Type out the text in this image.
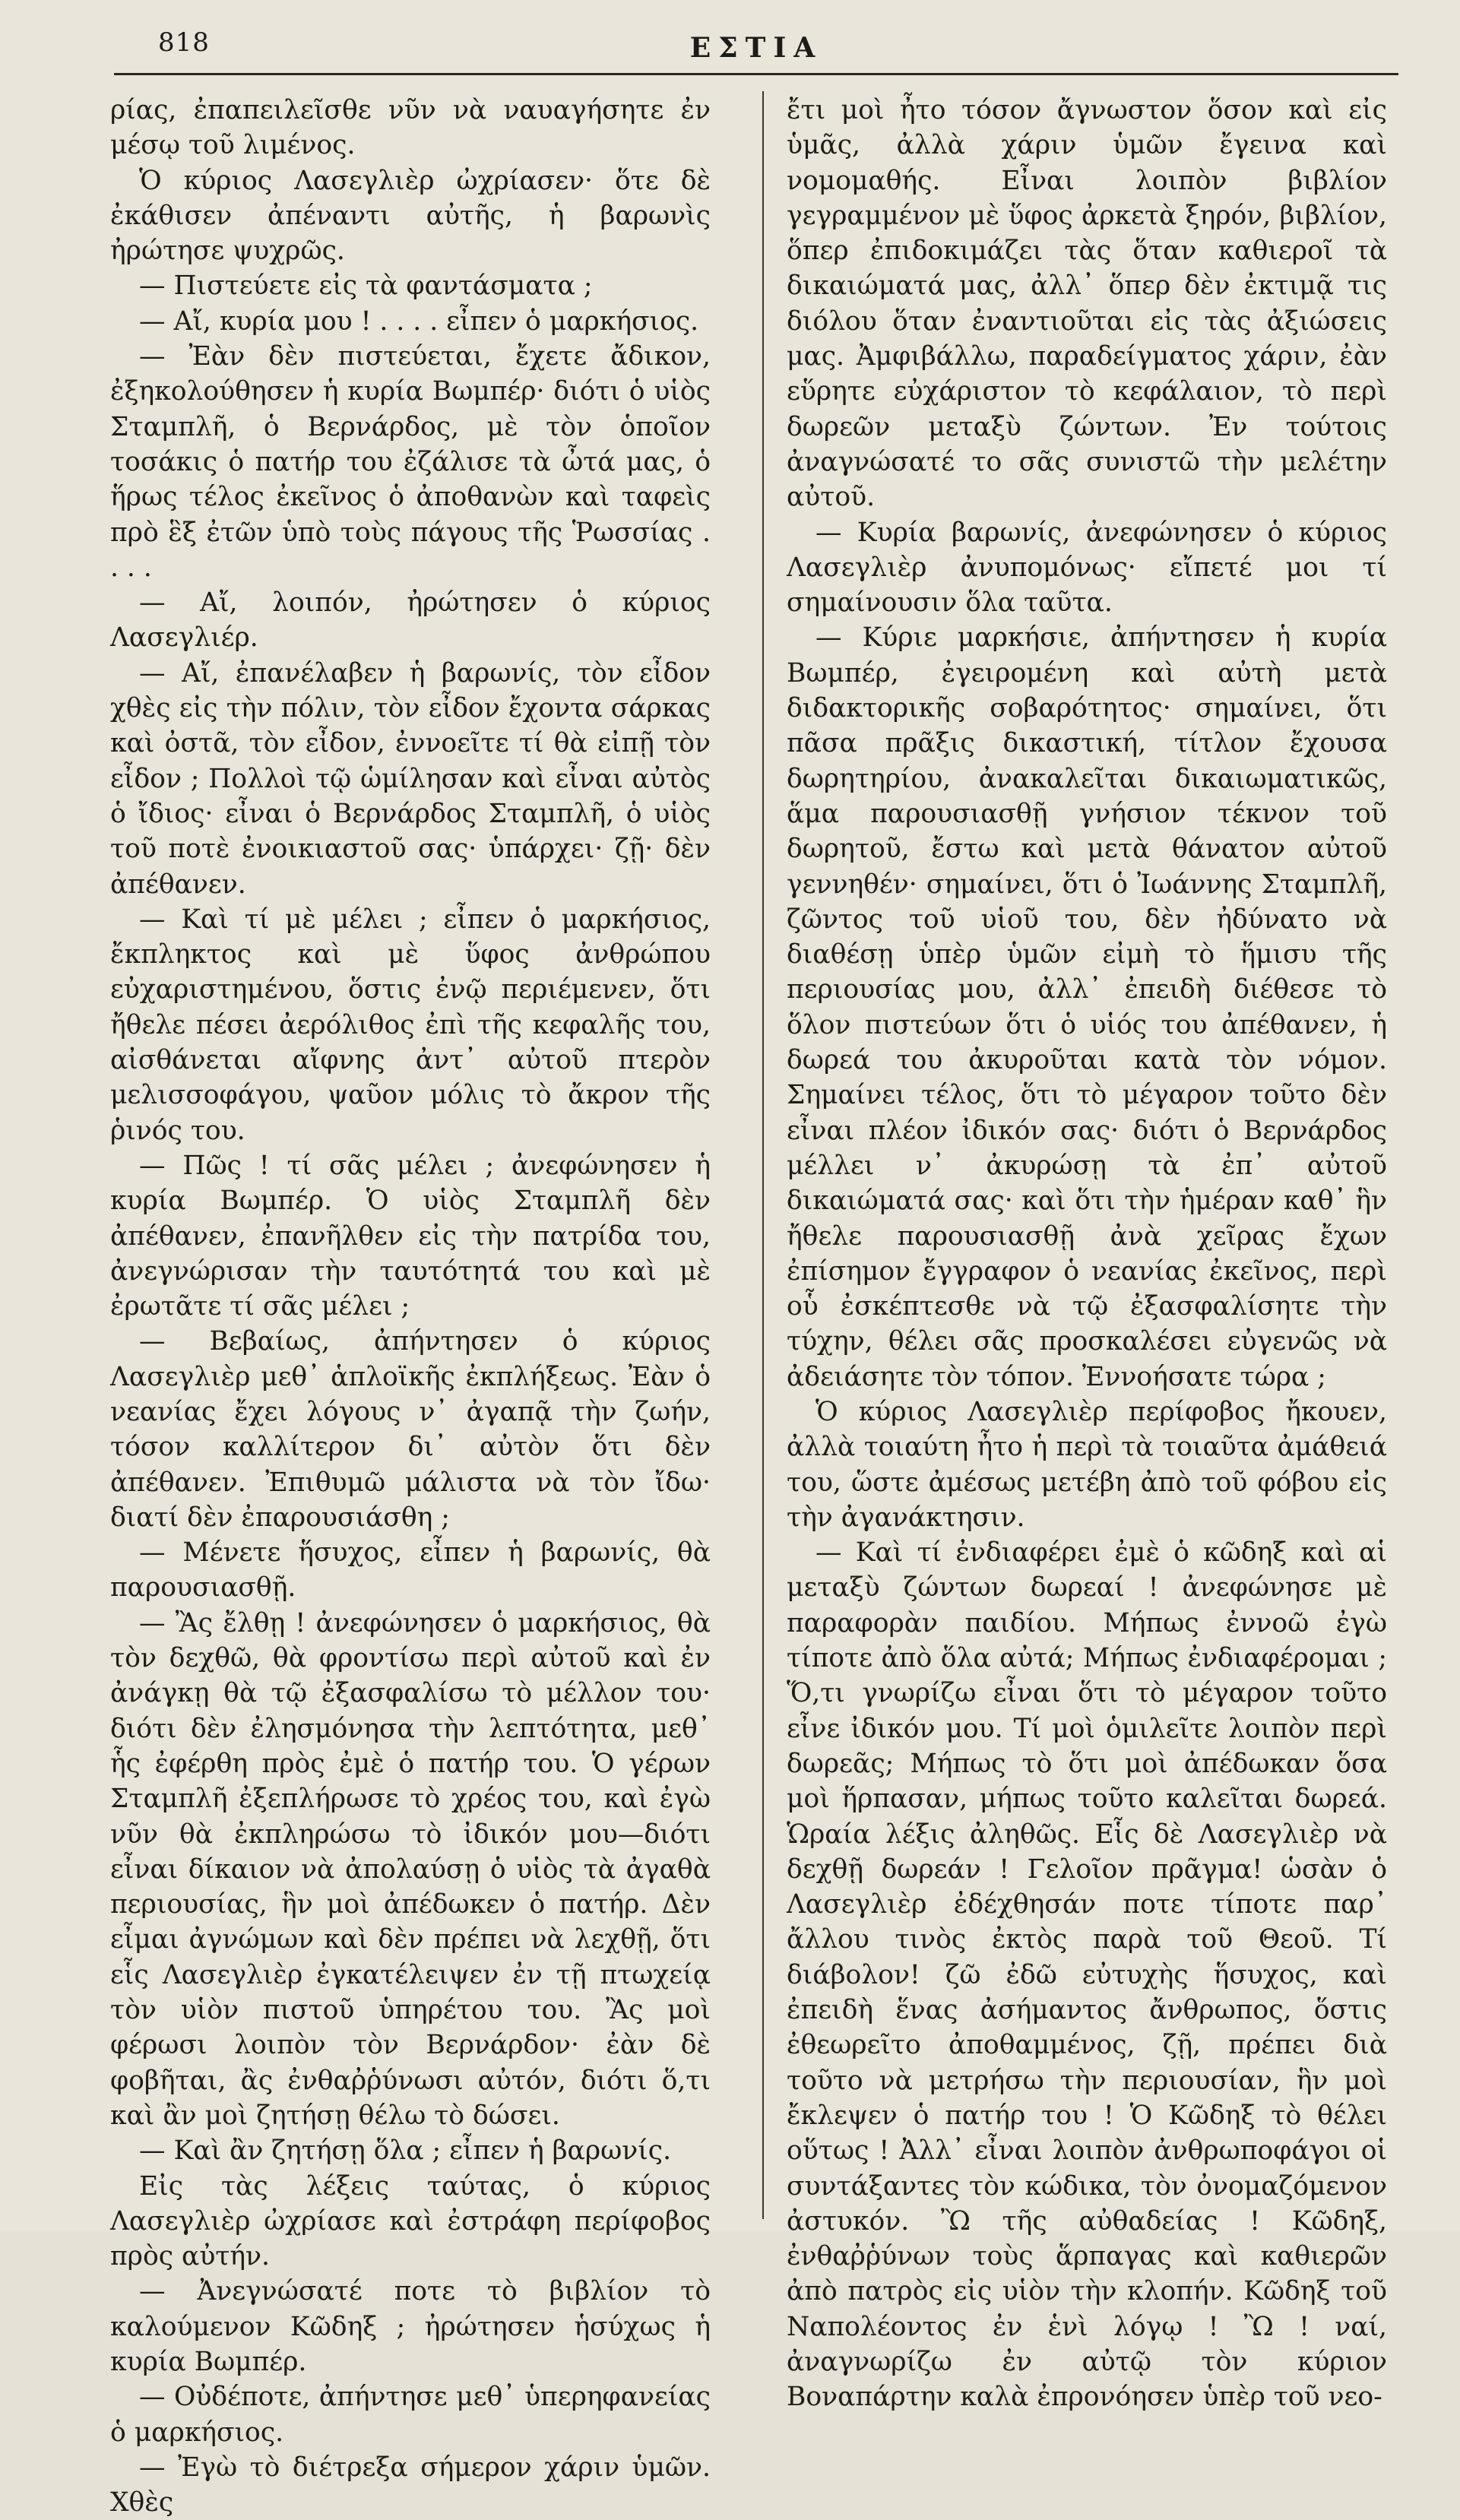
818	ΕΣΤΙΑ

ρίας, ἐπαπειλεῖσθε νῦν νὰ ναυαγήσητε ἐν μέσῳ τοῦ λιμένος.

Ὁ κύριος Λασεγλιὲρ ὠχρίασεν· ὅτε δὲ ἐκάθισεν ἀπέναντι αὐτῆς, ἡ βαρωνὶς ἠρώτησε ψυχρῶς.

— Πιστεύετε εἰς τὰ φαντάσματα ;

— Αἴ, κυρία μου ! . . . . εἶπεν ὁ μαρκήσιος.

— Ἐὰν δὲν πιστεύεται, ἔχετε ἄδικον, ἐξηκολούθησεν ἡ κυρία Βωμπέρ· διότι ὁ υἱὸς Σταμπλῆ, ὁ Βερνάρδος, μὲ τὸν ὁποῖον τοσάκις ὁ πατήρ του ἐζάλισε τὰ ὦτά μας, ὁ ἥρως τέλος ἐκεῖνος ὁ ἀποθανὼν καὶ ταφεὶς πρὸ ἓξ ἐτῶν ὑπὸ τοὺς πάγους τῆς Ῥωσσίας . . . .

— Αἴ, λοιπόν, ἠρώτησεν ὁ κύριος Λασεγλιέρ.

— Αἴ, ἐπανέλαβεν ἡ βαρωνίς, τὸν εἶδον χθὲς εἰς τὴν πόλιν, τὸν εἶδον ἔχοντα σάρκας καὶ ὀστᾶ, τὸν εἶδον, ἐννοεῖτε τί θὰ εἰπῇ τὸν εἶδον ; Πολλοὶ τῷ ὡμίλησαν καὶ εἶναι αὐτὸς ὁ ἴδιος· εἶναι ὁ Βερνάρδος Σταμπλῆ, ὁ υἱὸς τοῦ ποτὲ ἐνοικιαστοῦ σας· ὑπάρχει· ζῇ· δὲν ἀπέθανεν.

— Καὶ τί μὲ μέλει ; εἶπεν ὁ μαρκήσιος, ἔκπληκτος καὶ μὲ ὕφος ἀνθρώπου εὐχαριστημένου, ὅστις ἐνῷ περιέμενεν, ὅτι ἤθελε πέσει ἀερόλιθος ἐπὶ τῆς κεφαλῆς του, αἰσθάνεται αἴφνης ἀντ᾽ αὐτοῦ πτερὸν μελισσοφάγου, ψαῦον μόλις τὸ ἄκρον τῆς ῥινός του.

— Πῶς ! τί σᾶς μέλει ; ἀνεφώνησεν ἡ κυρία Βωμπέρ. Ὁ υἱὸς Σταμπλῆ δὲν ἀπέθανεν, ἐπανῆλθεν εἰς τὴν πατρίδα του, ἀνεγνώρισαν τὴν ταυτότητά του καὶ μὲ ἐρωτᾶτε τί σᾶς μέλει ;

— Βεβαίως, ἀπήντησεν ὁ κύριος Λασεγλιὲρ μεθ᾽ ἁπλοϊκῆς ἐκπλήξεως. Ἐὰν ὁ νεανίας ἔχει λόγους ν᾽ ἀγαπᾷ τὴν ζωήν, τόσον καλλίτερον δι᾽ αὐτὸν ὅτι δὲν ἀπέθανεν. Ἐπιθυμῶ μάλιστα νὰ τὸν ἴδω· διατί δὲν ἐπαρουσιάσθη ;

— Μένετε ἥσυχος, εἶπεν ἡ βαρωνίς, θὰ παρουσιασθῇ.

— Ἂς ἔλθῃ ! ἀνεφώνησεν ὁ μαρκήσιος, θὰ τὸν δεχθῶ, θὰ φροντίσω περὶ αὐτοῦ καὶ ἐν ἀνάγκῃ θὰ τῷ ἐξασφαλίσω τὸ μέλλον του· διότι δὲν ἐλησμόνησα τὴν λεπτότητα, μεθ᾽ ἧς ἐφέρθη πρὸς ἐμὲ ὁ πατήρ του. Ὁ γέρων Σταμπλῆ ἐξεπλήρωσε τὸ χρέος του, καὶ ἐγὼ νῦν θὰ ἐκπληρώσω τὸ ἰδικόν μου—διότι εἶναι δίκαιον νὰ ἀπολαύσῃ ὁ υἱὸς τὰ ἀγαθὰ περιουσίας, ἣν μοὶ ἀπέδωκεν ὁ πατήρ. Δὲν εἶμαι ἀγνώμων καὶ δὲν πρέπει νὰ λεχθῇ, ὅτι εἷς Λασεγλιὲρ ἐγκατέλειψεν ἐν τῇ πτωχείᾳ τὸν υἱὸν πιστοῦ ὑπηρέτου του. Ἂς μοὶ φέρωσι λοιπὸν τὸν Βερνάρδον· ἐὰν δὲ φοβῆται, ἂς ἐνθαῤῥύνωσι αὐτόν, διότι ὅ,τι καὶ ἂν μοὶ ζητήσῃ θέλω τὸ δώσει.

— Καὶ ἂν ζητήσῃ ὅλα ; εἶπεν ἡ βαρωνίς.

Εἰς τὰς λέξεις ταύτας, ὁ κύριος Λασεγλιὲρ ὠχρίασε καὶ ἐστράφη περίφοβος πρὸς αὐτήν.

— Ἀνεγνώσατέ ποτε τὸ βιβλίον τὸ καλούμενον Κῶδηξ ; ἠρώτησεν ἡσύχως ἡ κυρία Βωμπέρ.

— Οὐδέποτε, ἀπήντησε μεθ᾽ ὑπερηφανείας ὁ μαρκήσιος.

— Ἐγὼ τὸ διέτρεξα σήμερον χάριν ὑμῶν. Χθὲς

ἔτι μοὶ ἦτο τόσον ἄγνωστον ὅσον καὶ εἰς ὑμᾶς, ἀλλὰ χάριν ὑμῶν ἔγεινα καὶ νομομαθής. Εἶναι λοιπὸν βιβλίον γεγραμμένον μὲ ὕφος ἀρκετὰ ξηρόν, βιβλίον, ὅπερ ἐπιδοκιμάζει τὰς ὅταν καθιεροῖ τὰ δικαιώματά μας, ἀλλ᾽ ὅπερ δὲν ἐκτιμᾷ τις διόλου ὅταν ἐναντιοῦται εἰς τὰς ἀξιώσεις μας. Ἀμφιβάλλω, παραδείγματος χάριν, ἐὰν εὕρητε εὐχάριστον τὸ κεφάλαιον, τὸ περὶ δωρεῶν μεταξὺ ζώντων. Ἐν τούτοις ἀναγνώσατέ το σᾶς συνιστῶ τὴν μελέτην αὐτοῦ.

— Κυρία βαρωνίς, ἀνεφώνησεν ὁ κύριος Λασεγλιὲρ ἀνυπομόνως· εἴπετέ μοι τί σημαίνουσιν ὅλα ταῦτα.

— Κύριε μαρκήσιε, ἀπήντησεν ἡ κυρία Βωμπέρ, ἐγειρομένη καὶ αὐτὴ μετὰ διδακτορικῆς σοβαρότητος· σημαίνει, ὅτι πᾶσα πρᾶξις δικαστική, τίτλον ἔχουσα δωρητηρίου, ἀνακαλεῖται δικαιωματικῶς, ἅμα παρουσιασθῇ γνήσιον τέκνον τοῦ δωρητοῦ, ἔστω καὶ μετὰ θάνατον αὐτοῦ γεννηθέν· σημαίνει, ὅτι ὁ Ἰωάννης Σταμπλῆ, ζῶντος τοῦ υἱοῦ του, δὲν ἠδύνατο νὰ διαθέσῃ ὑπὲρ ὑμῶν εἰμὴ τὸ ἥμισυ τῆς περιουσίας μου, ἀλλ᾽ ἐπειδὴ διέθεσε τὸ ὅλον πιστεύων ὅτι ὁ υἱός του ἀπέθανεν, ἡ δωρεά του ἀκυροῦται κατὰ τὸν νόμον. Σημαίνει τέλος, ὅτι τὸ μέγαρον τοῦτο δὲν εἶναι πλέον ἰδικόν σας· διότι ὁ Βερνάρδος μέλλει ν᾽ ἀκυρώσῃ τὰ ἐπ᾽ αὐτοῦ δικαιώματά σας· καὶ ὅτι τὴν ἡμέραν καθ᾽ ἣν ἤθελε παρουσιασθῇ ἀνὰ χεῖρας ἔχων ἐπίσημον ἔγγραφον ὁ νεανίας ἐκεῖνος, περὶ οὗ ἐσκέπτεσθε νὰ τῷ ἐξασφαλίσητε τὴν τύχην, θέλει σᾶς προσκαλέσει εὐγενῶς νὰ ἀδειάσητε τὸν τόπον. Ἐννοήσατε τώρα ;

Ὁ κύριος Λασεγλιὲρ περίφοβος ἤκουεν, ἀλλὰ τοιαύτη ἦτο ἡ περὶ τὰ τοιαῦτα ἀμάθειά του, ὥστε ἀμέσως μετέβη ἀπὸ τοῦ φόβου εἰς τὴν ἀγανάκτησιν.

— Καὶ τί ἐνδιαφέρει ἐμὲ ὁ κῶδηξ καὶ αἱ μεταξὺ ζώντων δωρεαί ! ἀνεφώνησε μὲ παραφορὰν παιδίου. Μήπως ἐννοῶ ἐγὼ τίποτε ἀπὸ ὅλα αὐτά; Μήπως ἐνδιαφέρομαι ; Ὅ,τι γνωρίζω εἶναι ὅτι τὸ μέγαρον τοῦτο εἶνε ἰδικόν μου. Τί μοὶ ὁμιλεῖτε λοιπὸν περὶ δωρεᾶς; Μήπως τὸ ὅτι μοὶ ἀπέδωκαν ὅσα μοὶ ἥρπασαν, μήπως τοῦτο καλεῖται δωρεά. Ὡραία λέξις ἀληθῶς. Εἷς δὲ Λασεγλιὲρ νὰ δεχθῇ δωρεάν ! Γελοῖον πρᾶγμα! ὡσὰν ὁ Λασεγλιὲρ ἐδέχθησάν ποτε τίποτε παρ᾽ ἄλλου τινὸς ἐκτὸς παρὰ τοῦ Θεοῦ. Τί διάβολον! ζῶ ἐδῶ εὐτυχὴς ἥσυχος, καὶ ἐπειδὴ ἕνας ἀσήμαντος ἄνθρωπος, ὅστις ἐθεωρεῖτο ἀποθαμμένος, ζῇ, πρέπει διὰ τοῦτο νὰ μετρήσω τὴν περιουσίαν, ἣν μοὶ ἔκλεψεν ὁ πατήρ του ! Ὁ Κῶδηξ τὸ θέλει οὕτως ! Ἀλλ᾽ εἶναι λοιπὸν ἀνθρωποφάγοι οἱ συντάξαντες τὸν κώδικα, τὸν ὀνομαζόμενον ἀστυκόν. Ὢ τῆς αὐθαδείας ! Κῶδηξ, ἐνθαῤῥύνων τοὺς ἅρπαγας καὶ καθιερῶν ἀπὸ πατρὸς εἰς υἱὸν τὴν κλοπήν. Κῶδηξ τοῦ Ναπολέοντος ἐν ἑνὶ λόγῳ ! Ὢ ! ναί, ἀναγνωρίζω ἐν αὐτῷ τὸν κύριον Βοναπάρτην καλὰ ἐπρονόησεν ὑπὲρ τοῦ νεο-
